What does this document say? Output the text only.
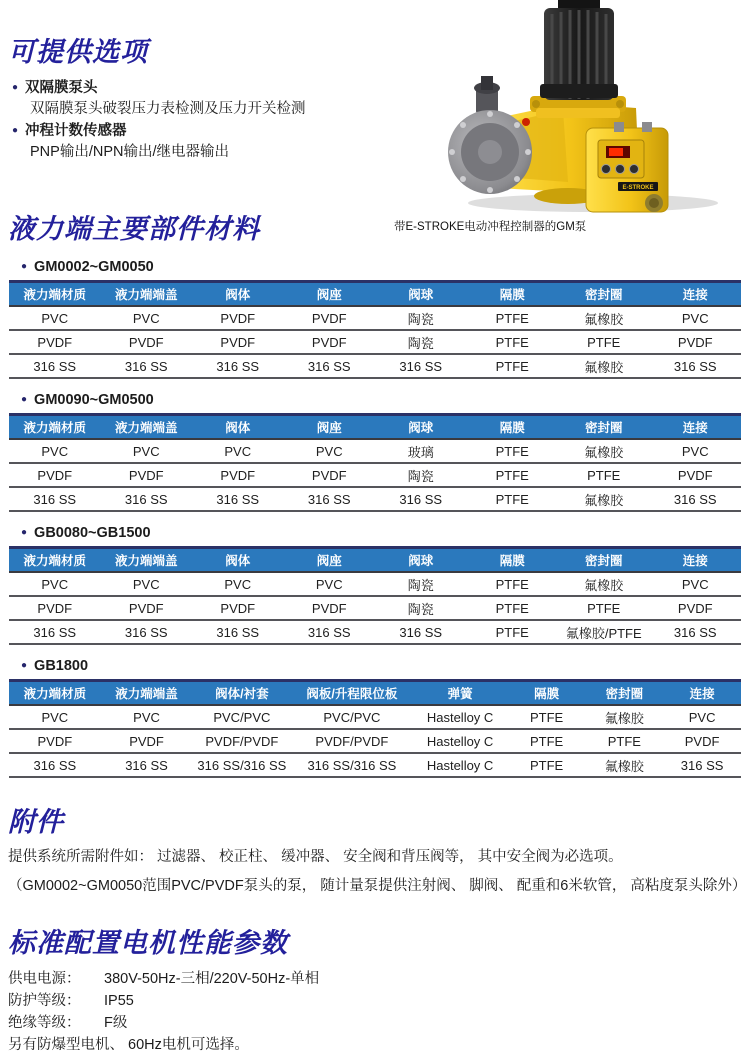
可提供选项
● 双隔膜泵头
双隔膜泵头破裂压力表检测及压力开关检测
● 冲程计数传感器
PNP输出/NPN输出/继电器输出
E-STROKE
带E-STROKE电动冲程控制器的GM泵
液力端主要部件材料
● GM0002~GM0050
液力端材质	液力端端盖	阀体	阀座	阀球	隔膜	密封圈	连接
PVC	PVC	PVDF	PVDF	陶瓷	PTFE	氟橡胶	PVC
PVDF	PVDF	PVDF	PVDF	陶瓷	PTFE	PTFE	PVDF
316 SS	316 SS	316 SS	316 SS	316 SS	PTFE	氟橡胶	316 SS
● GM0090~GM0500
液力端材质	液力端端盖	阀体	阀座	阀球	隔膜	密封圈	连接
PVC	PVC	PVC	PVC	玻璃	PTFE	氟橡胶	PVC
PVDF	PVDF	PVDF	PVDF	陶瓷	PTFE	PTFE	PVDF
316 SS	316 SS	316 SS	316 SS	316 SS	PTFE	氟橡胶	316 SS
● GB0080~GB1500
液力端材质	液力端端盖	阀体	阀座	阀球	隔膜	密封圈	连接
PVC	PVC	PVC	PVC	陶瓷	PTFE	氟橡胶	PVC
PVDF	PVDF	PVDF	PVDF	陶瓷	PTFE	PTFE	PVDF
316 SS	316 SS	316 SS	316 SS	316 SS	PTFE	氟橡胶/PTFE	316 SS
● GB1800
液力端材质	液力端端盖	阀体/衬套	阀板/升程限位板	弹簧	隔膜	密封圈	连接
PVC	PVC	PVC/PVC	PVC/PVC	Hastelloy C	PTFE	氟橡胶	PVC
PVDF	PVDF	PVDF/PVDF	PVDF/PVDF	Hastelloy C	PTFE	PTFE	PVDF
316 SS	316 SS	316 SS/316 SS	316 SS/316 SS	Hastelloy C	PTFE	氟橡胶	316 SS
附件
提供系统所需附件如： 过滤器、 校正柱、 缓冲器、 安全阀和背压阀等， 其中安全阀为必选项。
（GM0002~GM0050范围PVC/PVDF泵头的泵， 随计量泵提供注射阀、 脚阀、 配重和6米软管， 高粘度泵头除外）
标准配置电机性能参数
供电电源： 380V-50Hz-三相/220V-50Hz-单相
防护等级： IP55
绝缘等级： F级
另有防爆型电机、 60Hz电机可选择。
